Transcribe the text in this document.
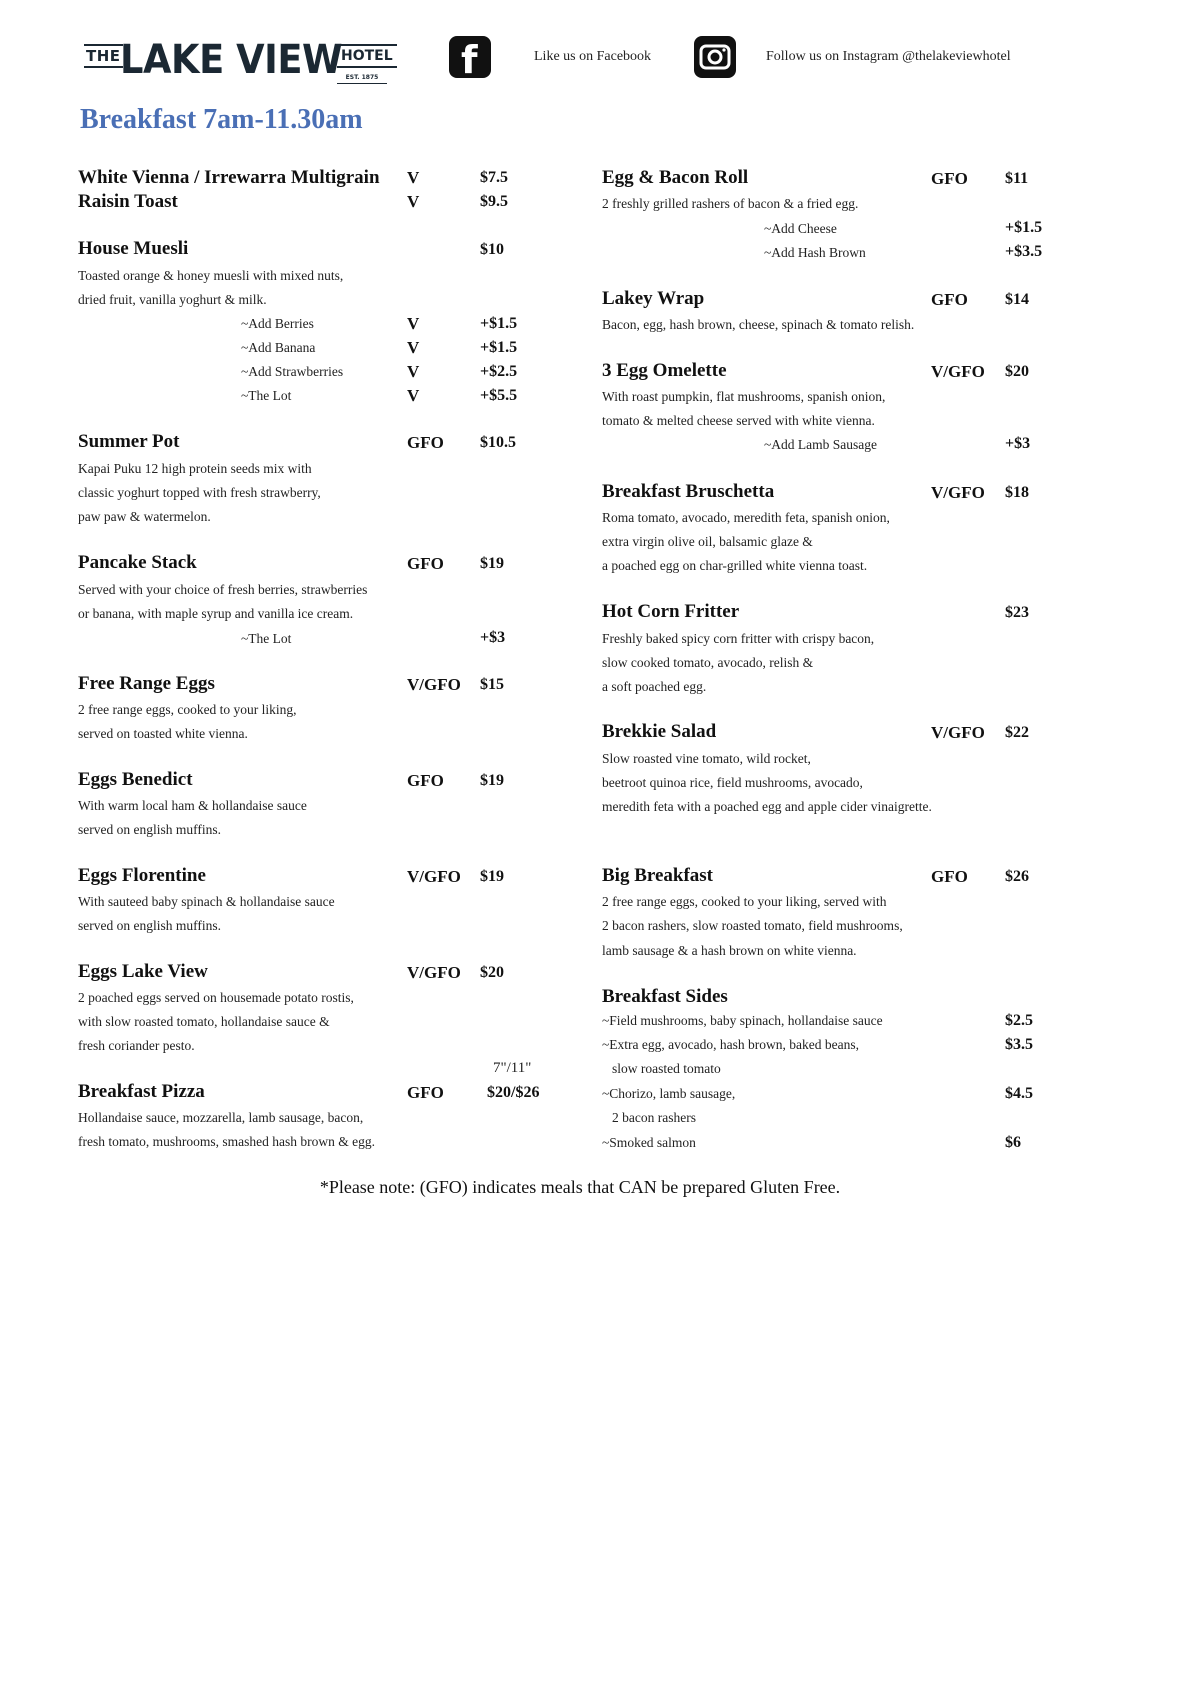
THE LAKE VIEW
HOTEL
EST. 1875 f	Like us on Facebook	Follow us on Instagram @thelakeviewhotel
Breakfast 7am-11.30am
White Vienna / Irrewarra Multigrain V	$7.5
Raisin Toast	V	$9.5
House Muesli	$10
Toasted orange & honey muesli with mixed nuts,
dried fruit, vanilla yoghurt & milk.
~Add Berries	V	+$1.5
~Add Banana	V	+$1.5
~Add Strawberries	V	+$2.5
~The Lot	V	+$5.5
Summer Pot	GFO $10.5
Kapai Puku 12 high protein seeds mix with
classic yoghurt topped with fresh strawberry,
paw paw & watermelon.
Pancake Stack	GFO $19
Served with your choice of fresh berries, strawberries
or banana, with maple syrup and vanilla ice cream.
~The Lot	+$3
Free Range Eggs	V/GFO $15
2 free range eggs, cooked to your liking,
served on toasted white vienna.
Eggs Benedict	GFO $19
With warm local ham & hollandaise sauce
served on english muffins.
Eggs Florentine	V/GFO $19
With sauteed baby spinach & hollandaise sauce
served on english muffins.
Eggs Lake View	V/GFO $20
2 poached eggs served on housemade potato rostis,
with slow roasted tomato, hollandaise sauce &
fresh coriander pesto.
7"/11"
Breakfast Pizza	GFO	$20/$26
Hollandaise sauce, mozzarella, lamb sausage, bacon,
fresh tomato, mushrooms, smashed hash brown & egg.
Egg & Bacon Roll	GFO $11
2 freshly grilled rashers of bacon & a fried egg.
~Add Cheese	+$1.5
~Add Hash Brown	+$3.5
Lakey Wrap	GFO $14
Bacon, egg, hash brown, cheese, spinach & tomato relish.
3 Egg Omelette	V/GFO $20
With roast pumpkin, flat mushrooms, spanish onion,
tomato & melted cheese served with white vienna.
~Add Lamb Sausage	+$3
Breakfast Bruschetta	V/GFO $18
Roma tomato, avocado, meredith feta, spanish onion,
extra virgin olive oil, balsamic glaze &
a poached egg on char-grilled white vienna toast.
Hot Corn Fritter	$23
Freshly baked spicy corn fritter with crispy bacon,
slow cooked tomato, avocado, relish &
a soft poached egg.
Brekkie Salad	V/GFO $22
Slow roasted vine tomato, wild rocket,
beetroot quinoa rice, field mushrooms, avocado,
meredith feta with a poached egg and apple cider vinaigrette.
Big Breakfast	GFO $26
2 free range eggs, cooked to your liking, served with
2 bacon rashers, slow roasted tomato, field mushrooms,
lamb sausage & a hash brown on white vienna.
Breakfast Sides
~Field mushrooms, baby spinach, hollandaise sauce	$2.5
~Extra egg, avocado, hash brown, baked beans,	$3.5
slow roasted tomato
~Chorizo, lamb sausage,	$4.5
2 bacon rashers
~Smoked salmon	$6
*Please note: (GFO) indicates meals that CAN be prepared Gluten Free.
